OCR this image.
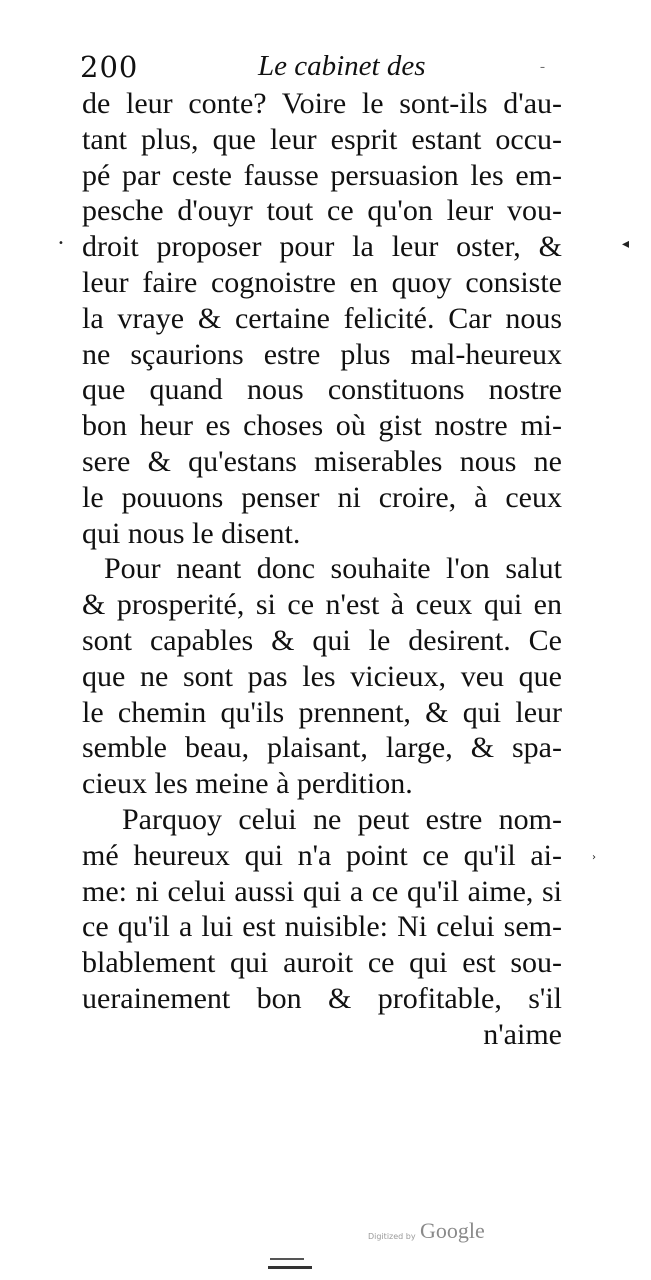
200	Le cabinet des	–
•	◂
›
de leur conte? Voire le sont-ils d'au-
tant plus, que leur esprit estant occu-
pé par ceste fausse persuasion les em-
pesche d'ouyr tout ce qu'on leur vou-
droit proposer pour la leur oster, &
leur faire cognoistre en quoy consiste
la vraye & certaine felicité. Car nous
ne sçaurions estre plus mal-heureux
que quand nous constituons nostre
bon heur es choses où gist nostre mi-
sere & qu'estans miserables nous ne
le pouuons penser ni croire, à ceux
qui nous le disent.
Pour neant donc souhaite l'on salut
& prosperité, si ce n'est à ceux qui en
sont capables & qui le desirent. Ce
que ne sont pas les vicieux, veu que
le chemin qu'ils prennent, & qui leur
semble beau, plaisant, large, & spa-
cieux les meine à perdition.
Parquoy celui ne peut estre nom-
mé heureux qui n'a point ce qu'il ai-
me: ni celui aussi qui a ce qu'il aime, si
ce qu'il a lui est nuisible: Ni celui sem-
blablement qui auroit ce qui est sou-
uerainement bon & profitable, s'il
n'aime
Digitized by Google
